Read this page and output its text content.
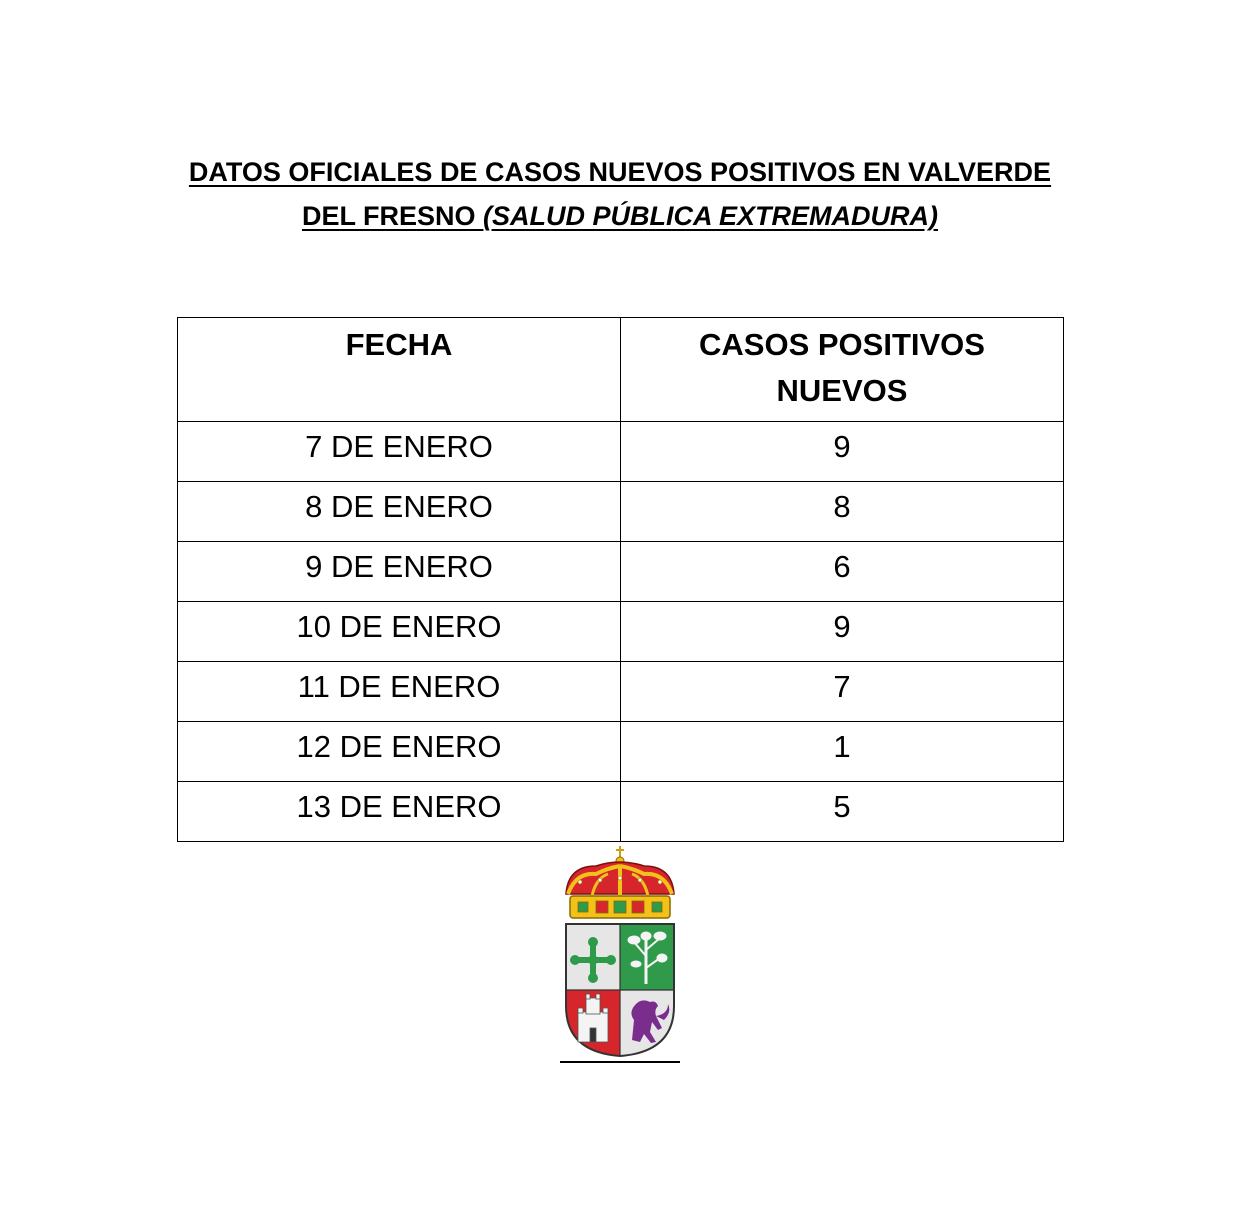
DATOS OFICIALES DE CASOS NUEVOS POSITIVOS EN VALVERDE
DEL FRESNO (SALUD PÚBLICA EXTREMADURA)
FECHA	CASOS POSITIVOS
NUEVOS
7 DE ENERO	9
8 DE ENERO	8
9 DE ENERO	6
10 DE ENERO	9
11 DE ENERO	7
12 DE ENERO	1
13 DE ENERO	5
